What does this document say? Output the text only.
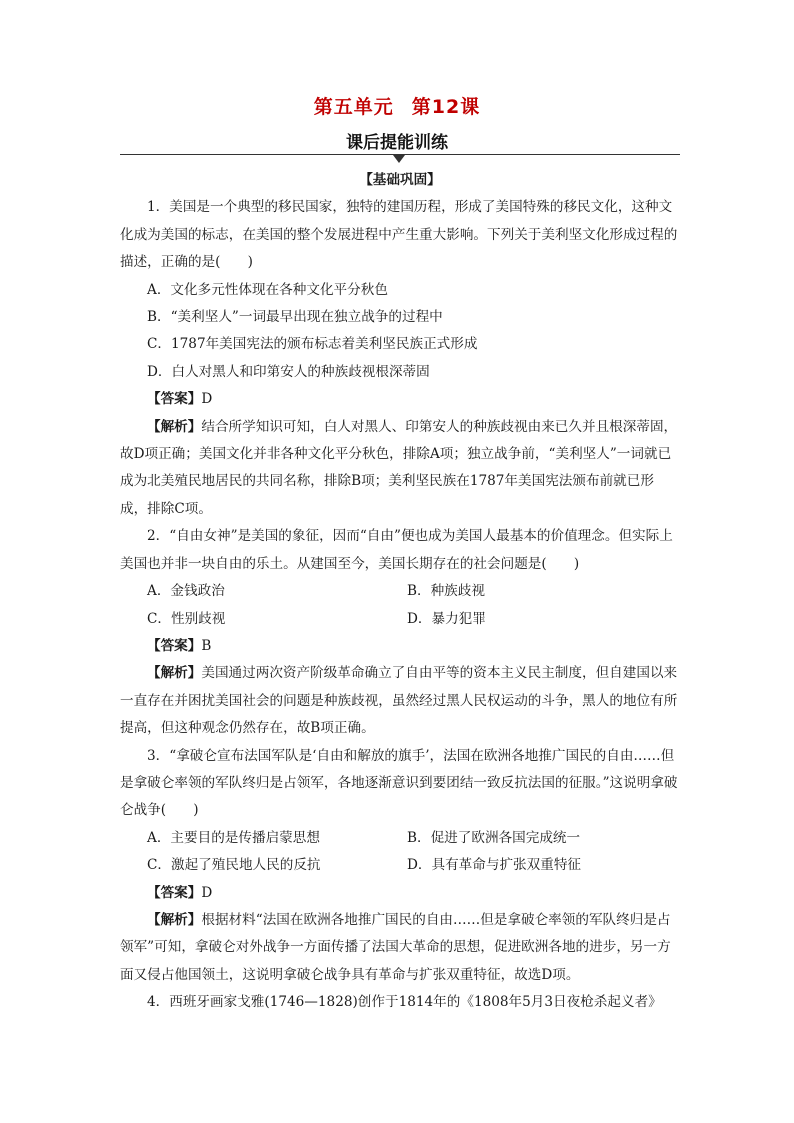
第五单元 第12课
课后提能训练

【基础巩固】

1．美国是一个典型的移民国家，独特的建国历程，形成了美国特殊的移民文化，这种文化成为美国的标志，在美国的整个发展进程中产生重大影响。下列关于美利坚文化形成过程的描述，正确的是(　　)

A．文化多元性体现在各种文化平分秋色

B．“美利坚人”一词最早出现在独立战争的过程中

C．1787年美国宪法的颁布标志着美利坚民族正式形成

D．白人对黑人和印第安人的种族歧视根深蒂固

【答案】D

【解析】结合所学知识可知，白人对黑人、印第安人的种族歧视由来已久并且根深蒂固，故D项正确；美国文化并非各种文化平分秋色，排除A项；独立战争前，“美利坚人”一词就已成为北美殖民地居民的共同名称，排除B项；美利坚民族在1787年美国宪法颁布前就已形成，排除C项。

2．“自由女神”是美国的象征，因而“自由”便也成为美国人最基本的价值理念。但实际上美国也并非一块自由的乐土。从建国至今，美国长期存在的社会问题是(　　)

A．金钱政治	B．种族歧视
C．性别歧视	D．暴力犯罪

【答案】B

【解析】美国通过两次资产阶级革命确立了自由平等的资本主义民主制度，但自建国以来一直存在并困扰美国社会的问题是种族歧视，虽然经过黑人民权运动的斗争，黑人的地位有所提高，但这种观念仍然存在，故B项正确。

3．“拿破仑宣布法国军队是‘自由和解放的旗手’，法国在欧洲各地推广国民的自由……但是拿破仑率领的军队终归是占领军，各地逐渐意识到要团结一致反抗法国的征服。”这说明拿破仑战争(　　)

A．主要目的是传播启蒙思想	B．促进了欧洲各国完成统一
C．激起了殖民地人民的反抗	D．具有革命与扩张双重特征

【答案】D

【解析】根据材料“法国在欧洲各地推广国民的自由……但是拿破仑率领的军队终归是占领军”可知，拿破仑对外战争一方面传播了法国大革命的思想，促进欧洲各地的进步，另一方面又侵占他国领土，这说明拿破仑战争具有革命与扩张双重特征，故选D项。

4．西班牙画家戈雅(1746—1828)创作于1814年的《1808年5月3日夜枪杀起义者》
